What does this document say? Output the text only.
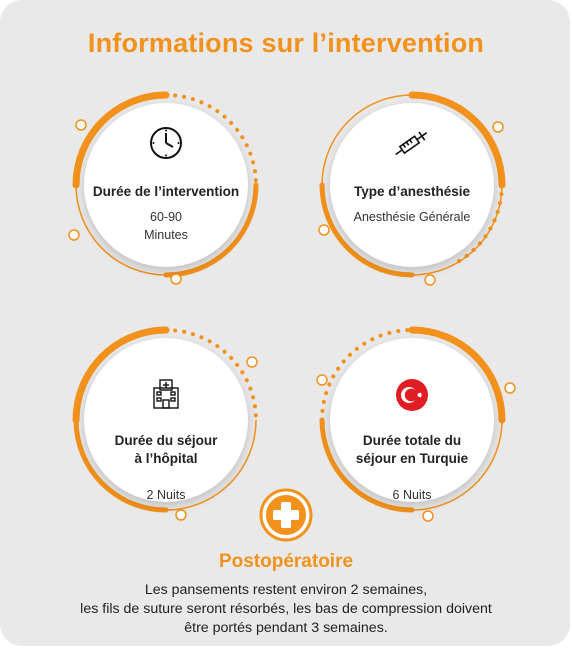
Informations sur l’intervention
Durée de l’intervention
60-90
Minutes
Type d’anesthésie
Anesthésie Générale
Durée du séjour
à l’hôpital
2 Nuits
Durée totale du
séjour en Turquie
6 Nuits
Postopératoire
Les pansements restent environ 2 semaines,
les fils de suture seront résorbés, les bas de compression doivent
être portés pendant 3 semaines.
